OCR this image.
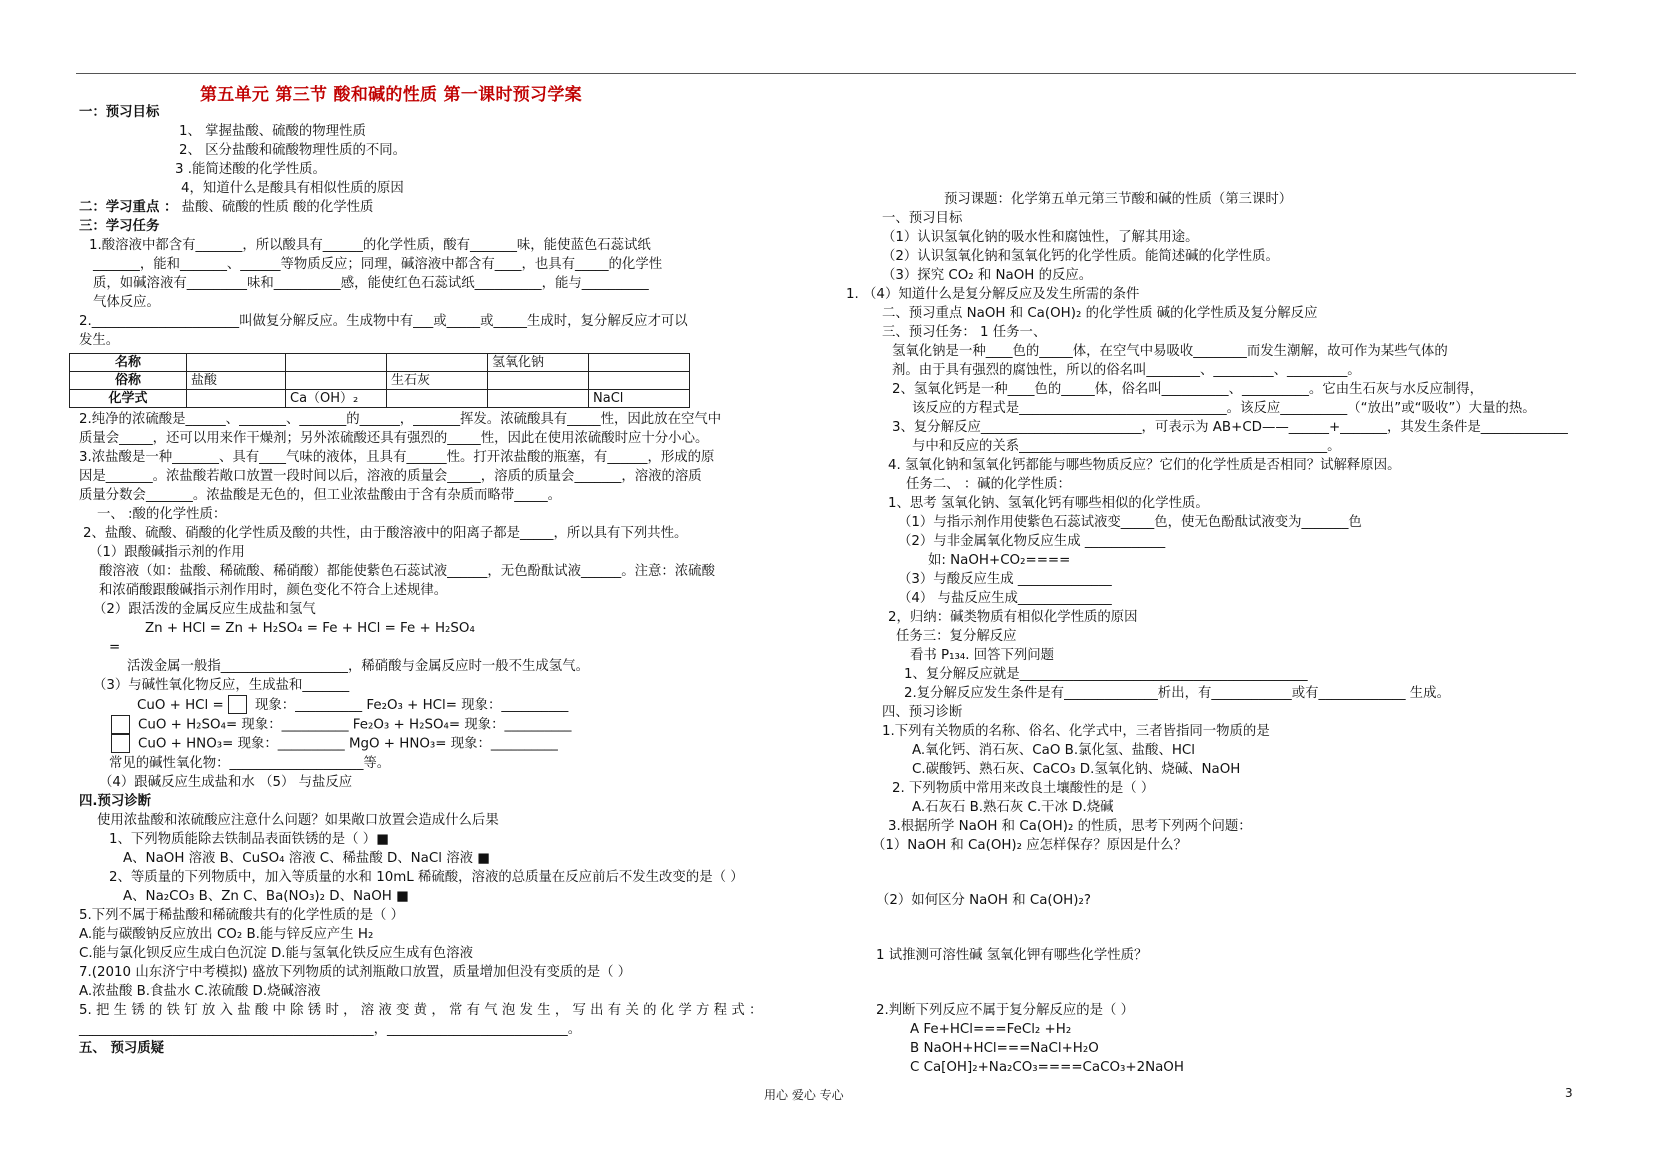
第五单元 第三节 酸和碱的性质 第一课时预习学案
一：预习目标
1、 掌握盐酸、硫酸的物理性质
2、 区分盐酸和硫酸物理性质的不同。
3 .能简述酸的化学性质。
4，知道什么是酸具有相似性质的原因
二：学习重点 ： 盐酸、硫酸的性质 酸的化学性质
三：学习任务
1.酸溶液中都含有_______，所以酸具有______的化学性质，酸有_______味，能使蓝色石蕊试纸
_______，能和_______、______等物质反应；同理，碱溶液中都含有____，也具有_____的化学性
质，如碱溶液有_________味和__________感，能使红色石蕊试纸__________，能与__________
气体反应。
2.______________________叫做复分解反应。生成物中有___或_____或_____生成时，复分解反应才可以
发生。
名称				氢氧化钠	
俗称	盐酸		生石灰		
化学式		Ca（OH）₂			NaCl
2.纯净的浓硫酸是______、_______、_______的______，_______挥发。浓硫酸具有_____性，因此放在空气中
质量会_____，还可以用来作干燥剂；另外浓硫酸还具有强烈的_____性，因此在使用浓硫酸时应十分小心。
3.浓盐酸是一种_______、具有____气味的液体，且具有______性。打开浓盐酸的瓶塞，有______，形成的原
因是_______。浓盐酸若敞口放置一段时间以后，溶液的质量会_____，溶质的质量会_______，溶液的溶质
质量分数会_______。浓盐酸是无色的，但工业浓盐酸由于含有杂质而略带_____。
一、 :酸的化学性质：
2、盐酸、硫酸、硝酸的化学性质及酸的共性，由于酸溶液中的阳离子都是_____，所以具有下列共性。
（1）跟酸碱指示剂的作用
酸溶液（如：盐酸、稀硫酸、稀硝酸）都能使紫色石蕊试液______，无色酚酞试液______。注意：浓硫酸
和浓硝酸跟酸碱指示剂作用时，颜色变化不符合上述规律。
（2）跟活泼的金属反应生成盐和氢气
Zn + HCl = Zn + H₂SO₄ = Fe + HCl = Fe + H₂SO₄
=
活泼金属一般指___________________，稀硝酸与金属反应时一般不生成氢气。
（3）与碱性氧化物反应，生成盐和_______
CuO + HCl = 现象：__________ Fe₂O₃ + HCl= 现象：__________
CuO + H₂SO₄= 现象：__________ Fe₂O₃ + H₂SO₄= 现象：__________
CuO + HNO₃= 现象：__________ MgO + HNO₃= 现象：__________
常见的碱性氧化物：____________________等。
（4）跟碱反应生成盐和水 （5） 与盐反应
四.预习诊断
使用浓盐酸和浓硫酸应注意什么问题？如果敞口放置会造成什么后果
1、下列物质能除去铁制品表面铁锈的是（ ）■
A、NaOH 溶液 B、CuSO₄ 溶液 C、稀盐酸 D、NaCl 溶液 ■
2、等质量的下列物质中，加入等质量的水和 10mL 稀硫酸，溶液的总质量在反应前后不发生改变的是（ ）
A、Na₂CO₃ B、Zn C、Ba(NO₃)₂ D、NaOH ■
5.下列不属于稀盐酸和稀硫酸共有的化学性质的是（ ）
A.能与碳酸钠反应放出 CO₂ B.能与锌反应产生 H₂
C.能与氯化钡反应生成白色沉淀 D.能与氢氧化铁反应生成有色溶液
7.(2010 山东济宁中考模拟) 盛放下列物质的试剂瓶敞口放置，质量增加但没有变质的是（ ）
A.浓盐酸 B.食盐水 C.浓硫酸 D.烧碱溶液
5. 把 生 锈 的 铁 钉 放 入 盐 酸 中 除 锈 时 ， 溶 液 变 黄 ， 常 有 气 泡 发 生 ， 写 出 有 关 的 化 学 方 程 式 ：
____________________________________________，___________________________。
五、 预习质疑
预习课题：化学第五单元第三节酸和碱的性质（第三课时）
一、预习目标
（1）认识氢氧化钠的吸水性和腐蚀性，了解其用途。
（2）认识氢氧化钠和氢氧化钙的化学性质。能简述碱的化学性质。
（3）探究 CO₂ 和 NaOH 的反应。
1. （4）知道什么是复分解反应及发生所需的条件
二、预习重点 NaOH 和 Ca(OH)₂ 的化学性质 碱的化学性质及复分解反应
三、预习任务： 1 任务一、
氢氧化钠是一种____色的_____体，在空气中易吸收________而发生潮解，故可作为某些气体的
剂。由于具有强烈的腐蚀性，所以的俗名叫________、_________、_________。
2、氢氧化钙是一种____色的_____体，俗名叫__________、__________。它由生石灰与水反应制得，
该反应的方程式是_______________________________。该反应__________（“放出”或“吸收”）大量的热。
3、复分解反应________________________，可表示为 AB+CD——______+_______，其发生条件是_____________
与中和反应的关系______________________________________________。
4. 氢氧化钠和氢氧化钙都能与哪些物质反应？它们的化学性质是否相同？试解释原因。
任务二、 ：碱的化学性质：
1、思考 氢氧化钠、氢氧化钙有哪些相似的化学性质。
（1）与指示剂作用使紫色石蕊试液变_____色，使无色酚酞试液变为_______色
（2）与非金属氧化物反应生成 ____________
如: NaOH+CO₂====
（3）与酸反应生成 ______________
（4） 与盐反应生成______________
2，归纳：碱类物质有相似化学性质的原因
任务三：复分解反应
看书 P₁₃₄. 回答下列问题
1、复分解反应就是___________________________________________
2.复分解反应发生条件是有______________析出，有____________或有_____________ 生成。
四、预习诊断
1.下列有关物质的名称、俗名、化学式中，三者皆指同一物质的是
A.氧化钙、消石灰、CaO B.氯化氢、盐酸、HCl
C.碳酸钙、熟石灰、CaCO₃ D.氢氧化钠、烧碱、NaOH
2. 下列物质中常用来改良土壤酸性的是（ ）
A.石灰石 B.熟石灰 C.干冰 D.烧碱
3.根据所学 NaOH 和 Ca(OH)₂ 的性质，思考下列两个问题：
（1）NaOH 和 Ca(OH)₂ 应怎样保存？原因是什么？
（2）如何区分 NaOH 和 Ca(OH)₂?
1 试推测可溶性碱 氢氧化钾有哪些化学性质？
2.判断下列反应不属于复分解反应的是（ ）
A Fe+HCl===FeCl₂ +H₂
B NaOH+HCl===NaCl+H₂O
C Ca[OH]₂+Na₂CO₃====CaCO₃+2NaOH
用心 爱心 专心	3
